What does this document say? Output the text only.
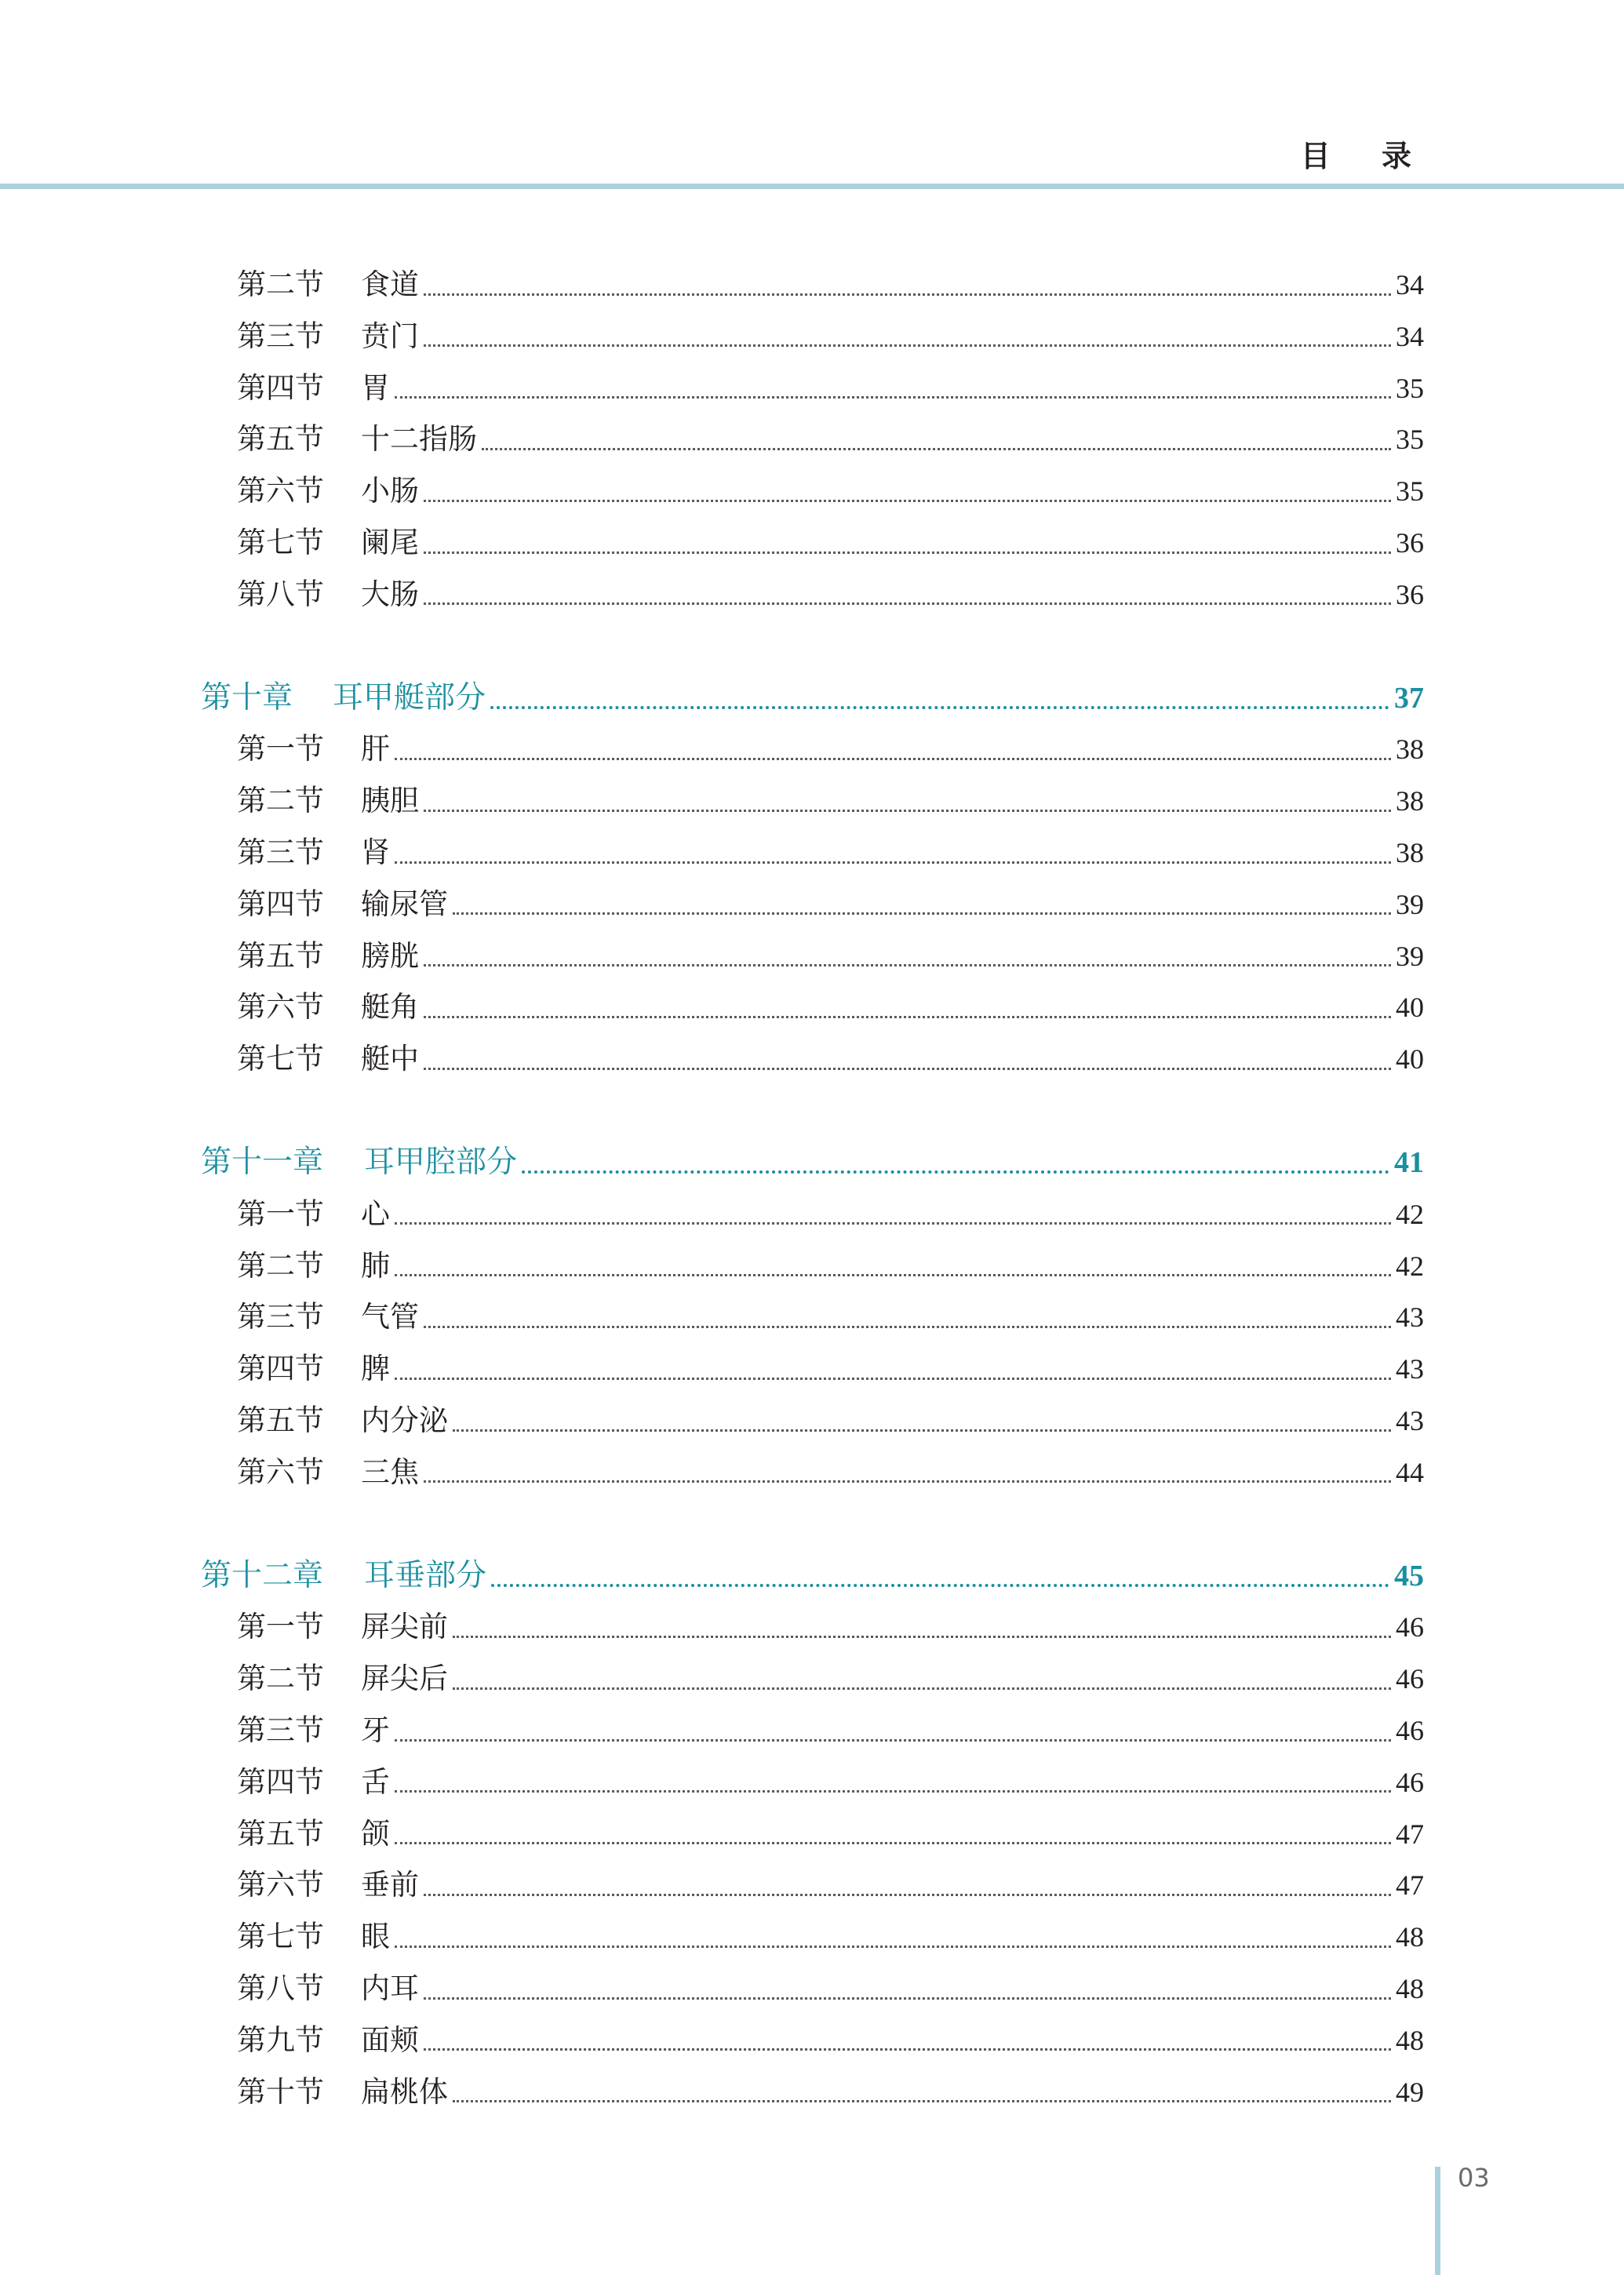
目 录
第二节 食道	34
第三节 贲门	34
第四节 胃	35
第五节 十二指肠	35
第六节 小肠	35
第七节 阑尾	36
第八节 大肠	36
第十章 耳甲艇部分	37
第一节 肝	38
第二节 胰胆	38
第三节 肾	38
第四节 输尿管	39
第五节 膀胱	39
第六节 艇角	40
第七节 艇中	40
第十一章 耳甲腔部分	41
第一节 心	42
第二节 肺	42
第三节 气管	43
第四节 脾	43
第五节 内分泌	43
第六节 三焦	44
第十二章 耳垂部分	45
第一节 屏尖前	46
第二节 屏尖后	46
第三节 牙	46
第四节 舌	46
第五节 颌	47
第六节 垂前	47
第七节 眼	48
第八节 内耳	48
第九节 面颊	48
第十节 扁桃体	49
03
